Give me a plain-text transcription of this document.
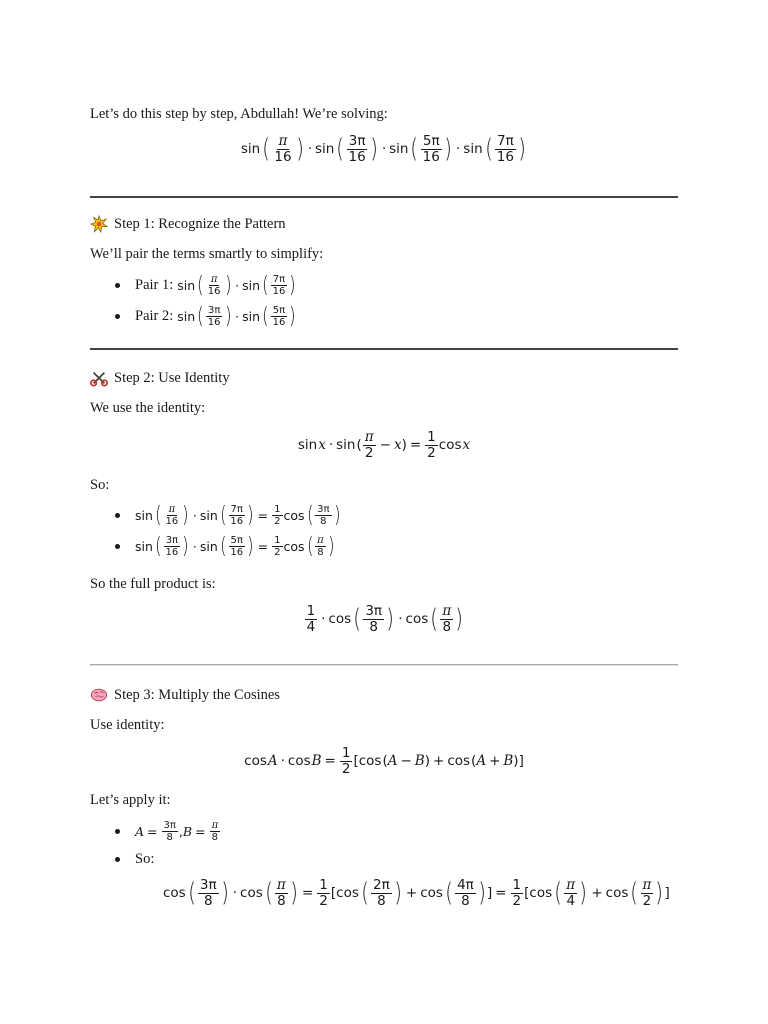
Let’s do this step by step, Abdullah! We’re solving:
sin ( $\frac{\pi}{16}$ ) · sin ( $\frac{3\pi}{16}$ ) · sin ( $\frac{5\pi}{16}$ ) · sin ( $\frac{7\pi}{16}$ )
Step 1: Recognize the Pattern
We’ll pair the terms smartly to simplify:
Pair 1: sin ( $\frac{\pi}{16}$ ) · sin ( $\frac{7\pi}{16}$ )
Pair 2: sin ( $\frac{3\pi}{16}$ ) · sin ( $\frac{5\pi}{16}$ )
Step 2: Use Identity
We use the identity:
sin x · sin ( $\frac{\pi}{2} - x$ ) = $\frac{1}{2}$ cos x
So:
sin ( $\frac{\pi}{16}$ ) · sin ( $\frac{7\pi}{16}$ ) = $\frac{1}{2}$ cos ( $\frac{3\pi}{8}$ )
sin ( $\frac{3\pi}{16}$ ) · sin ( $\frac{5\pi}{16}$ ) = $\frac{1}{2}$ cos ( $\frac{\pi}{8}$ )
So the full product is:
$\frac{1}{4} \cdot \cos$ ( $\frac{3\pi}{8}$ ) · cos ( $\frac{\pi}{8}$ )
Step 3: Multiply the Cosines
Use identity:
$\cos A \cdot \cos B = \frac{1}{2}$ [ cos ( A − B ) + cos ( A + B ) ]
Let’s apply it:
$A = \frac{3\pi}{8}$ , $B = \frac{\pi}{8}$
So:
cos ( $\frac{3\pi}{8}$ ) · cos ( $\frac{\pi}{8}$ ) = $\frac{1}{2}$ [ cos ( $\frac{2\pi}{8}$ ) + cos ( $\frac{4\pi}{8}$ ) ] = $\frac{1}{2}$ [ cos ( $\frac{\pi}{4}$ ) + cos ( $\frac{\pi}{2}$ ) ]
